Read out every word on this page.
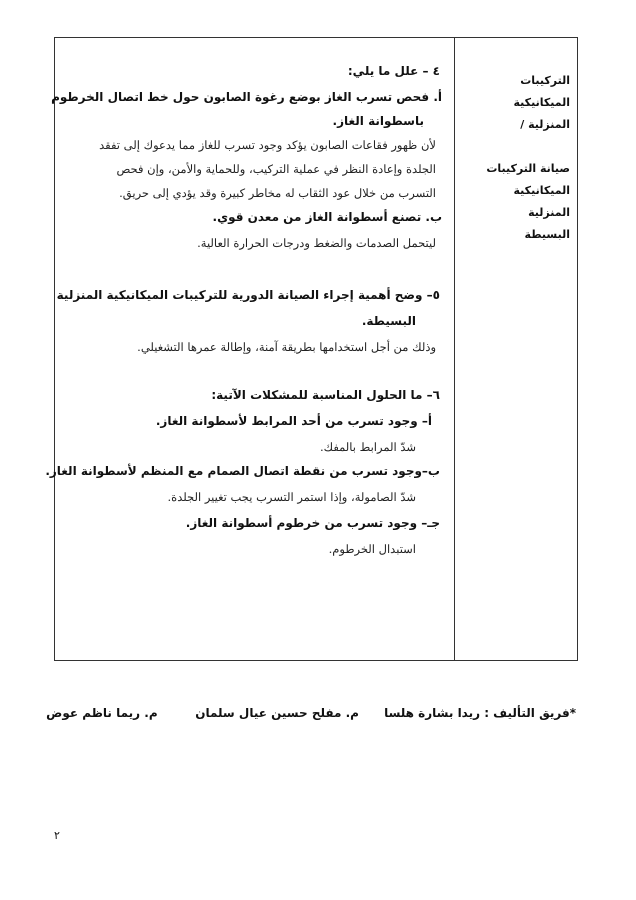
التركيبات
الميكانيكية
المنزلية /
صيانة التركيبات
الميكانيكية
المنزلية
البسيطة
٤ – علل ما يلي:
أ. فحص تسرب الغاز بوضع رغوة الصابون حول خط اتصال الخرطوم
باسطوانة الغاز.
لأن ظهور فقاعات الصابون يؤكد وجود تسرب للغاز مما يدعوك إلى تفقد
الجلدة وإعادة النظر في عملية التركيب، وللحماية والأمن، وإن فحص
التسرب من خلال عود الثقاب له مخاطر كبيرة وقد يؤدي إلى حريق.
ب. تصنع أسطوانة الغاز من معدن قوي.
ليتحمل الصدمات والضغط ودرجات الحرارة العالية.
٥– وضح أهمية إجراء الصيانة الدورية للتركيبات الميكانيكية المنزلية
البسيطة.
وذلك من أجل استخدامها بطريقة آمنة، وإطالة عمرها التشغيلي.
٦– ما الحلول المناسبة للمشكلات الآتية:
أ– وجود تسرب من أحد المرابط لأسطوانة الغاز.
شدّ المرابط بالمفك.
ب–وجود تسرب من نقطة اتصال الصمام مع المنظم لأسطوانة الغاز.
شدّ الصامولة، وإذا استمر التسرب يجب تغيير الجلدة.
جـ– وجود تسرب من خرطوم أسطوانة الغاز.
استبدال الخرطوم.
*فريق التأليف : ريدا بشارة هلسا      م. مفلح حسين عيال سلمان         م. ريما ناظم عوض
٢
